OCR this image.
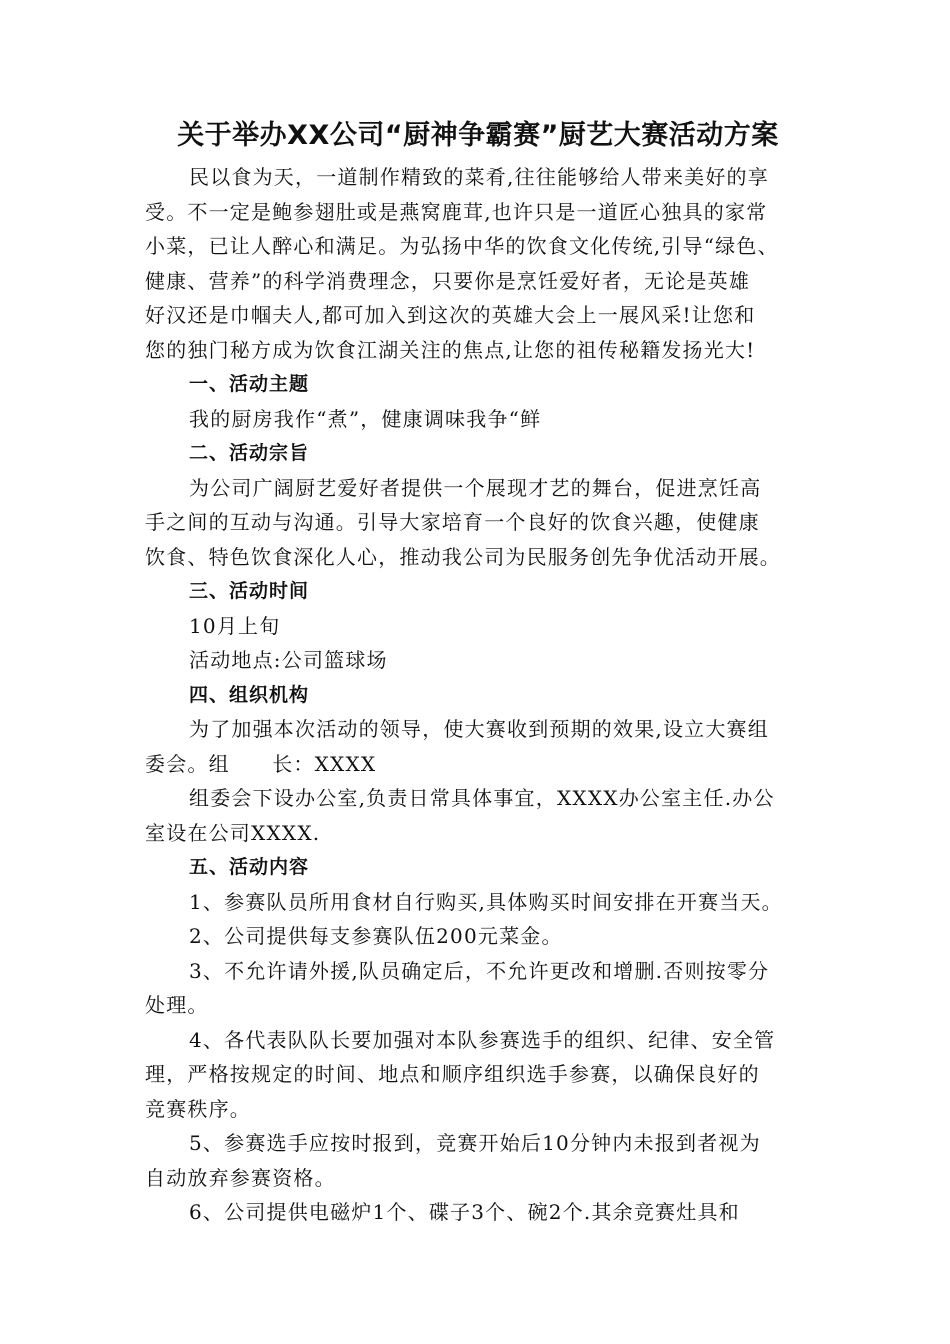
关于举办XX公司“厨神争霸赛”厨艺大赛活动方案
民以食为天，一道制作精致的菜肴,往往能够给人带来美好的享
受。不一定是鲍参翅肚或是燕窝鹿茸,也许只是一道匠心独具的家常
小菜，已让人醉心和满足。为弘扬中华的饮食文化传统,引导“绿色、
健康、营养”的科学消费理念，只要你是烹饪爱好者，无论是英雄
好汉还是巾帼夫人,都可加入到这次的英雄大会上一展风采!让您和
您的独门秘方成为饮食江湖关注的焦点,让您的祖传秘籍发扬光大!
一、活动主题
我的厨房我作“煮”，健康调味我争“鲜
二、活动宗旨
为公司广阔厨艺爱好者提供一个展现才艺的舞台，促进烹饪高
手之间的互动与沟通。引导大家培育一个良好的饮食兴趣，使健康
饮食、特色饮食深化人心，推动我公司为民服务创先争优活动开展。
三、活动时间
10月上旬
活动地点:公司篮球场
四、组织机构
为了加强本次活动的领导，使大赛收到预期的效果,设立大赛组
委会。组　　长：XXXX
组委会下设办公室,负责日常具体事宜，XXXX办公室主任.办公
室设在公司XXXX.
五、活动内容
1、参赛队员所用食材自行购买,具体购买时间安排在开赛当天。
2、公司提供每支参赛队伍200元菜金。
3、不允许请外援,队员确定后，不允许更改和增删.否则按零分
处理。
4、各代表队队长要加强对本队参赛选手的组织、纪律、安全管
理，严格按规定的时间、地点和顺序组织选手参赛，以确保良好的
竞赛秩序。
5、参赛选手应按时报到，竞赛开始后10分钟内未报到者视为
自动放弃参赛资格。
6、公司提供电磁炉1个、碟子3个、碗2个.其余竞赛灶具和
